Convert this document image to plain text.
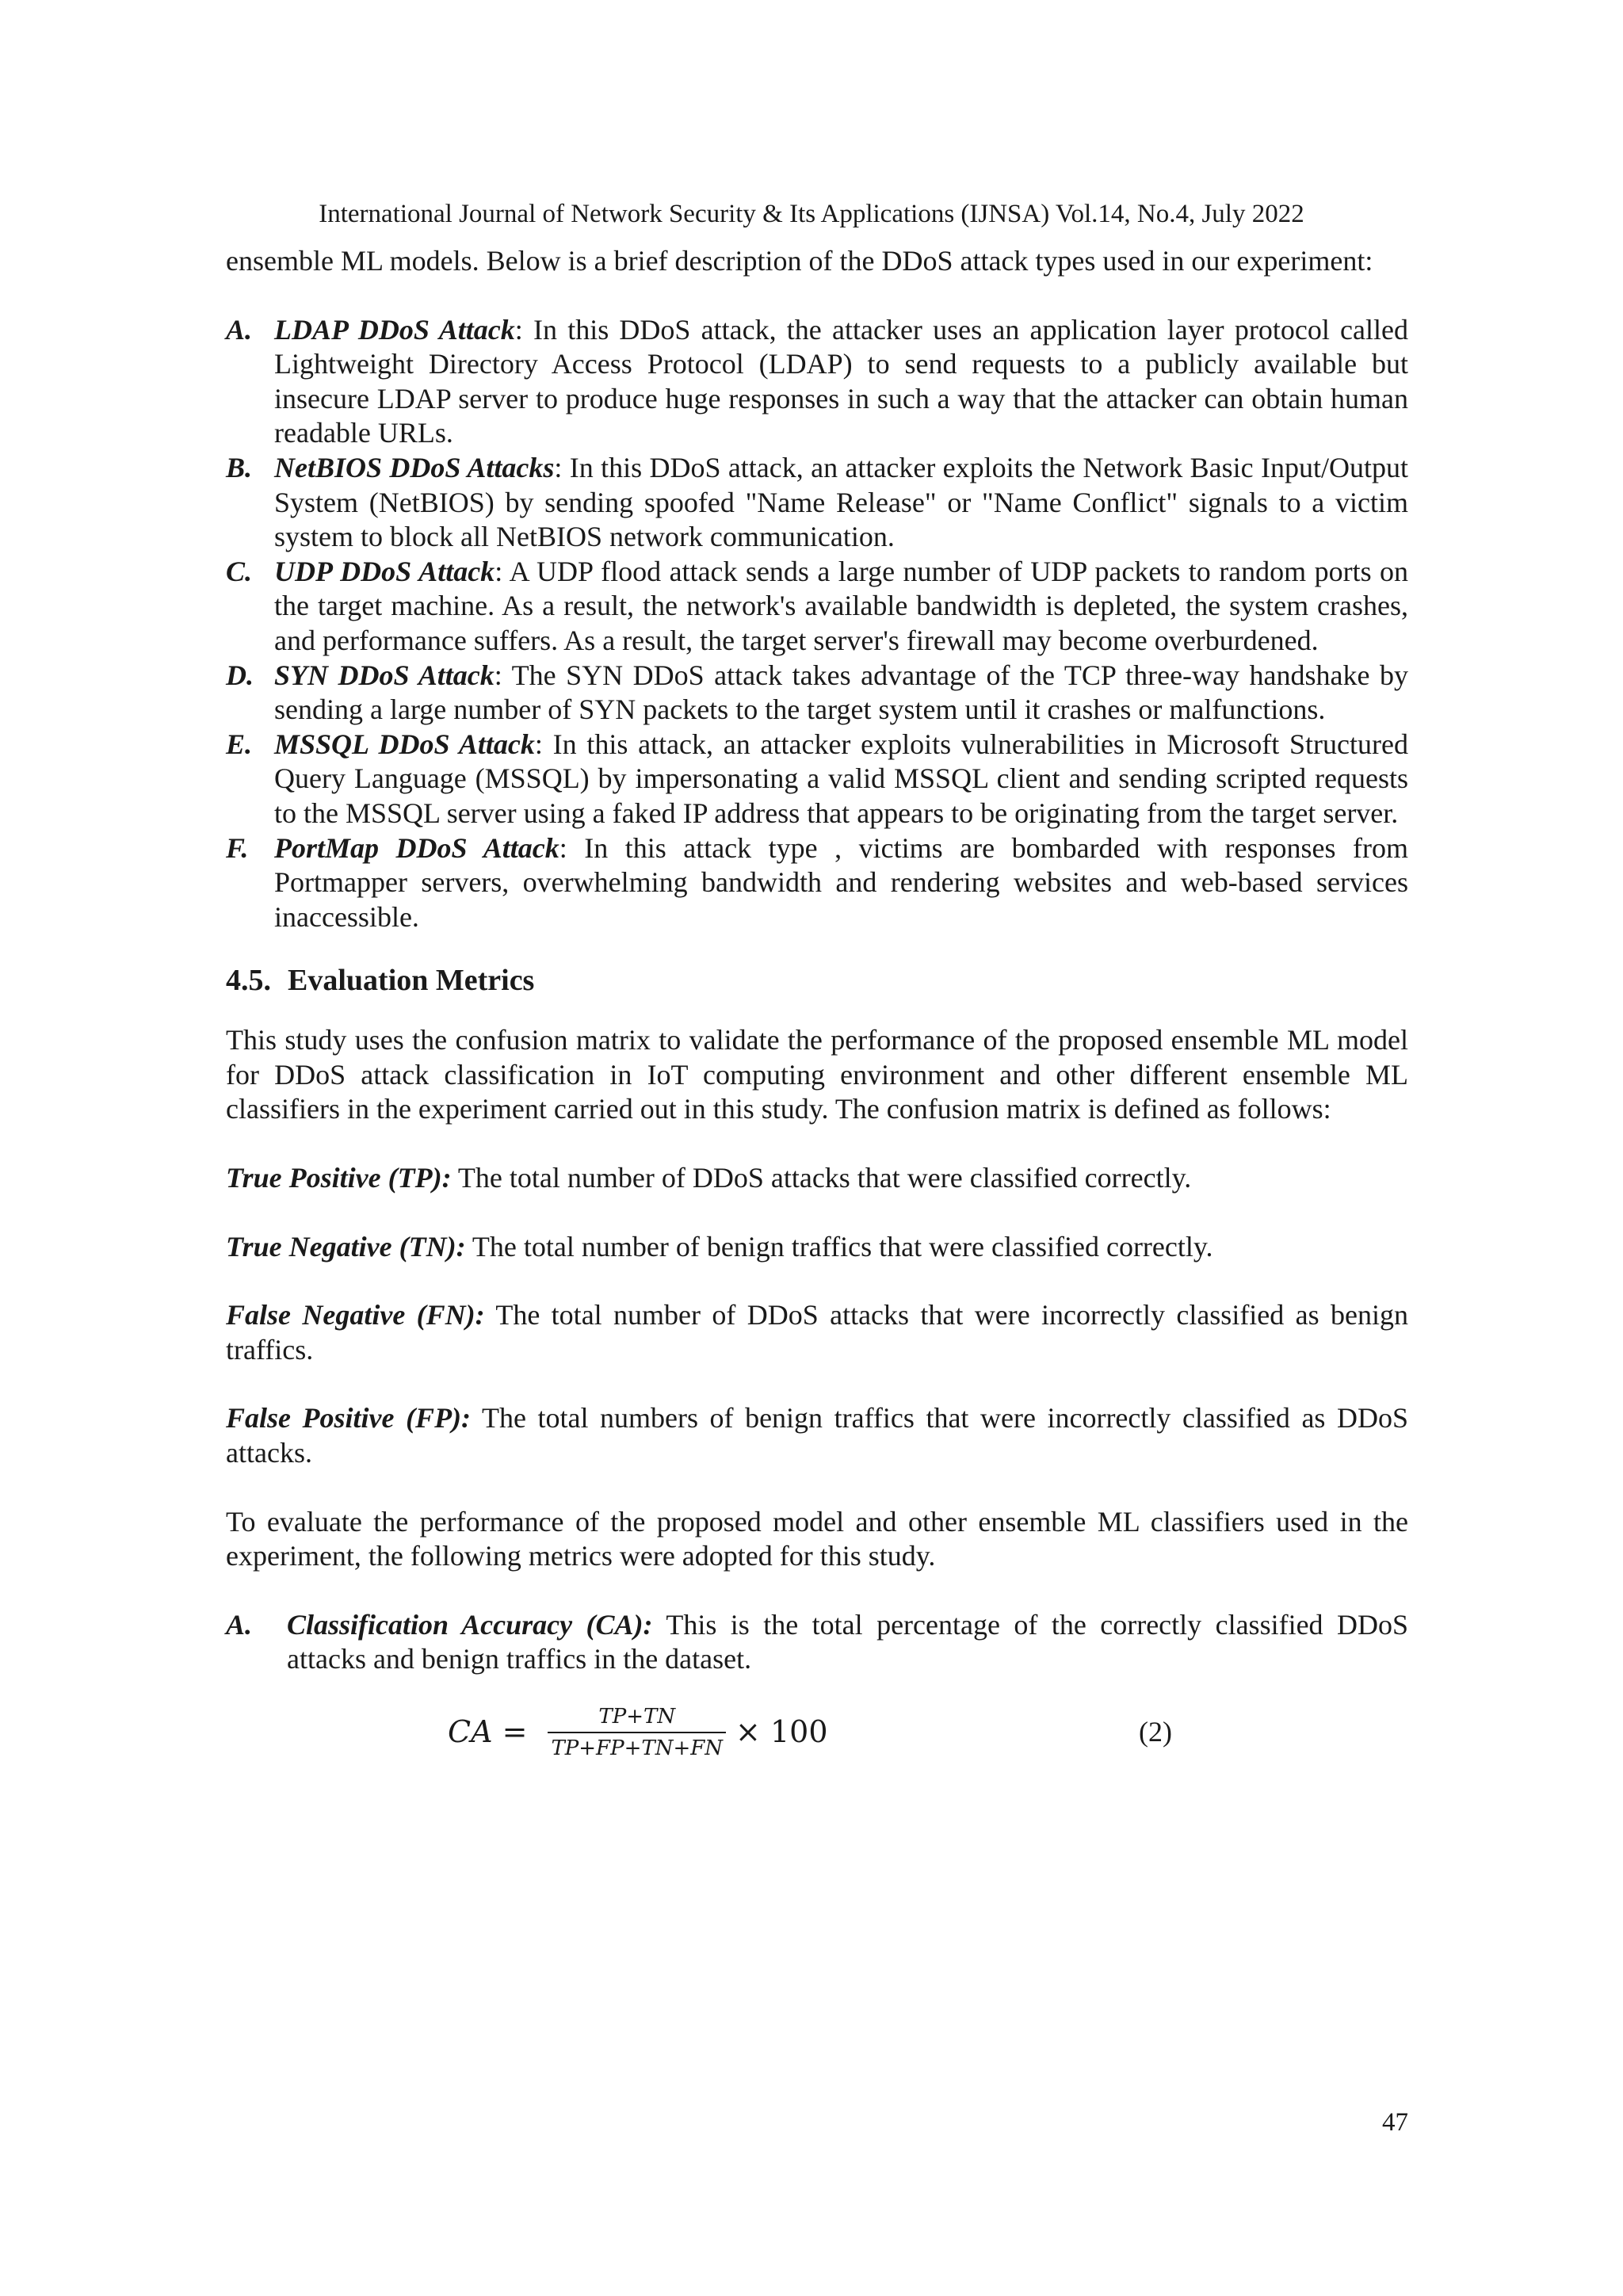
International Journal of Network Security & Its Applications (IJNSA) Vol.14, No.4, July 2022

ensemble ML models. Below is a brief description of the DDoS attack types used in our experiment:

A. LDAP DDoS Attack: In this DDoS attack, the attacker uses an application layer protocol called Lightweight Directory Access Protocol (LDAP) to send requests to a publicly available but insecure LDAP server to produce huge responses in such a way that the attacker can obtain human readable URLs.
B. NetBIOS DDoS Attacks: In this DDoS attack, an attacker exploits the Network Basic Input/Output System (NetBIOS) by sending spoofed "Name Release" or "Name Conflict" signals to a victim system to block all NetBIOS network communication.
C. UDP DDoS Attack: A UDP flood attack sends a large number of UDP packets to random ports on the target machine. As a result, the network's available bandwidth is depleted, the system crashes, and performance suffers. As a result, the target server's firewall may become overburdened.
D. SYN DDoS Attack: The SYN DDoS attack takes advantage of the TCP three-way handshake by sending a large number of SYN packets to the target system until it crashes or malfunctions.
E. MSSQL DDoS Attack: In this attack, an attacker exploits vulnerabilities in Microsoft Structured Query Language (MSSQL) by impersonating a valid MSSQL client and sending scripted requests to the MSSQL server using a faked IP address that appears to be originating from the target server.
F. PortMap DDoS Attack: In this attack type , victims are bombarded with responses from Portmapper servers, overwhelming bandwidth and rendering websites and web-based services inaccessible.
4.5. Evaluation Metrics

This study uses the confusion matrix to validate the performance of the proposed ensemble ML model for DDoS attack classification in IoT computing environment and other different ensemble ML classifiers in the experiment carried out in this study. The confusion matrix is defined as follows:

True Positive (TP): The total number of DDoS attacks that were classified correctly.

True Negative (TN): The total number of benign traffics that were classified correctly.

False Negative (FN): The total number of DDoS attacks that were incorrectly classified as benign traffics.

False Positive (FP): The total numbers of benign traffics that were incorrectly classified as DDoS attacks.

To evaluate the performance of the proposed model and other ensemble ML classifiers used in the experiment, the following metrics were adopted for this study.

A. Classification Accuracy (CA): This is the total percentage of the correctly classified DDoS attacks and benign traffics in the dataset.
CA = $\frac{TP+TN}{TP+FP+TN+FN} \times 100$	(2)
47
